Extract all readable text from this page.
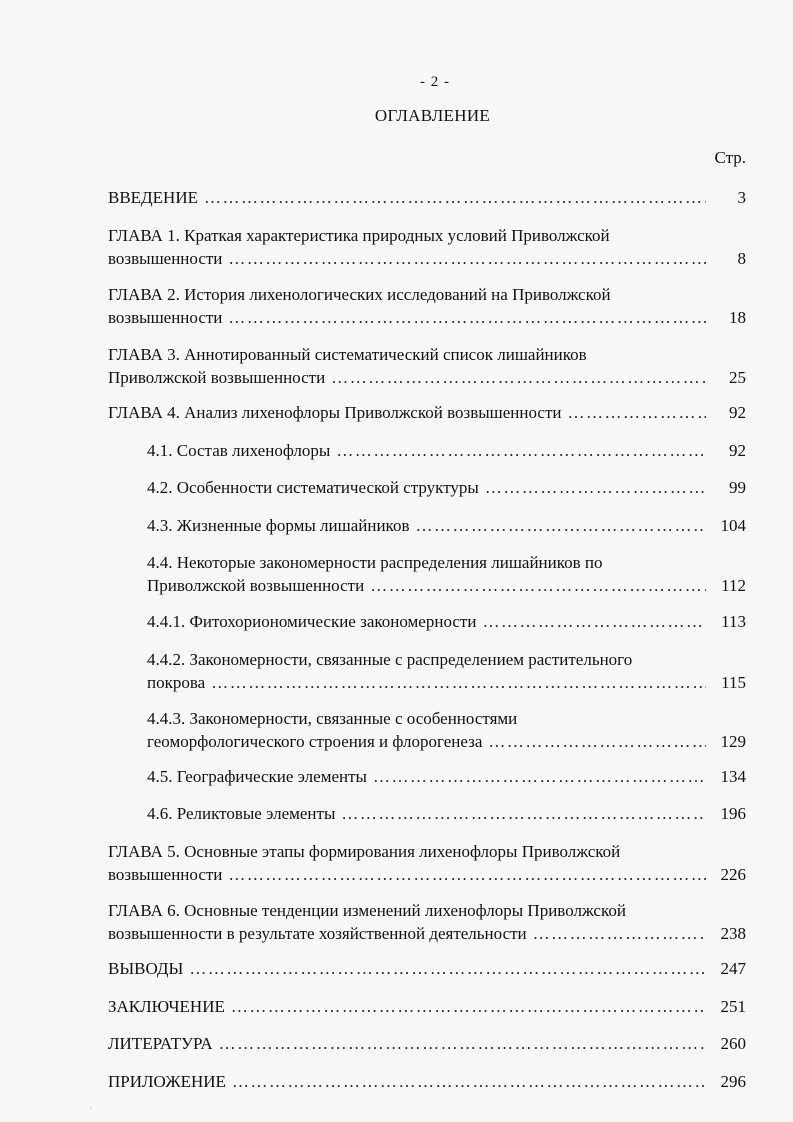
- 2 -
ОГЛАВЛЕНИЕ
Стр.
ВВЕДЕНИЕ ……………………………………………………………………………………………………………………………………………………	3
ГЛАВА 1. Краткая характеристика природных условий Приволжской
возвышенности ……………………………………………………………………………………………………………………………………………………	8
ГЛАВА 2. История лихенологических исследований на Приволжской
возвышенности ……………………………………………………………………………………………………………………………………………………	18
ГЛАВА 3. Аннотированный систематический список лишайников
Приволжской возвышенности ……………………………………………………………………………………………………………………………………………………	25
ГЛАВА 4. Анализ лихенофлоры Приволжской возвышенности ……………………………………………………………………………………………………………………………………………………	92
4.1. Состав лихенофлоры ……………………………………………………………………………………………………………………………………………………	92
4.2. Особенности систематической структуры ……………………………………………………………………………………………………………………………………………………	99
4.3. Жизненные формы лишайников ……………………………………………………………………………………………………………………………………………………	104
4.4. Некоторые закономерности распределения лишайников по
Приволжской возвышенности ……………………………………………………………………………………………………………………………………………………	112
4.4.1. Фитохориономические закономерности ……………………………………………………………………………………………………………………………………………………	113
4.4.2. Закономерности, связанные с распределением растительного
покрова ……………………………………………………………………………………………………………………………………………………	115
4.4.3. Закономерности, связанные с особенностями
геоморфологического строения и флорогенеза ……………………………………………………………………………………………………………………………………………………	129
4.5. Географические элементы ……………………………………………………………………………………………………………………………………………………	134
4.6. Реликтовые элементы ……………………………………………………………………………………………………………………………………………………	196
ГЛАВА 5. Основные этапы формирования лихенофлоры Приволжской
возвышенности ……………………………………………………………………………………………………………………………………………………	226
ГЛАВА 6. Основные тенденции изменений лихенофлоры Приволжской
возвышенности в результате хозяйственной деятельности ……………………………………………………………………………………………………………………………………………………	238
ВЫВОДЫ ……………………………………………………………………………………………………………………………………………………	247
ЗАКЛЮЧЕНИЕ ……………………………………………………………………………………………………………………………………………………	251
ЛИТЕРАТУРА ……………………………………………………………………………………………………………………………………………………	260
ПРИЛОЖЕНИЕ ……………………………………………………………………………………………………………………………………………………	296
'
